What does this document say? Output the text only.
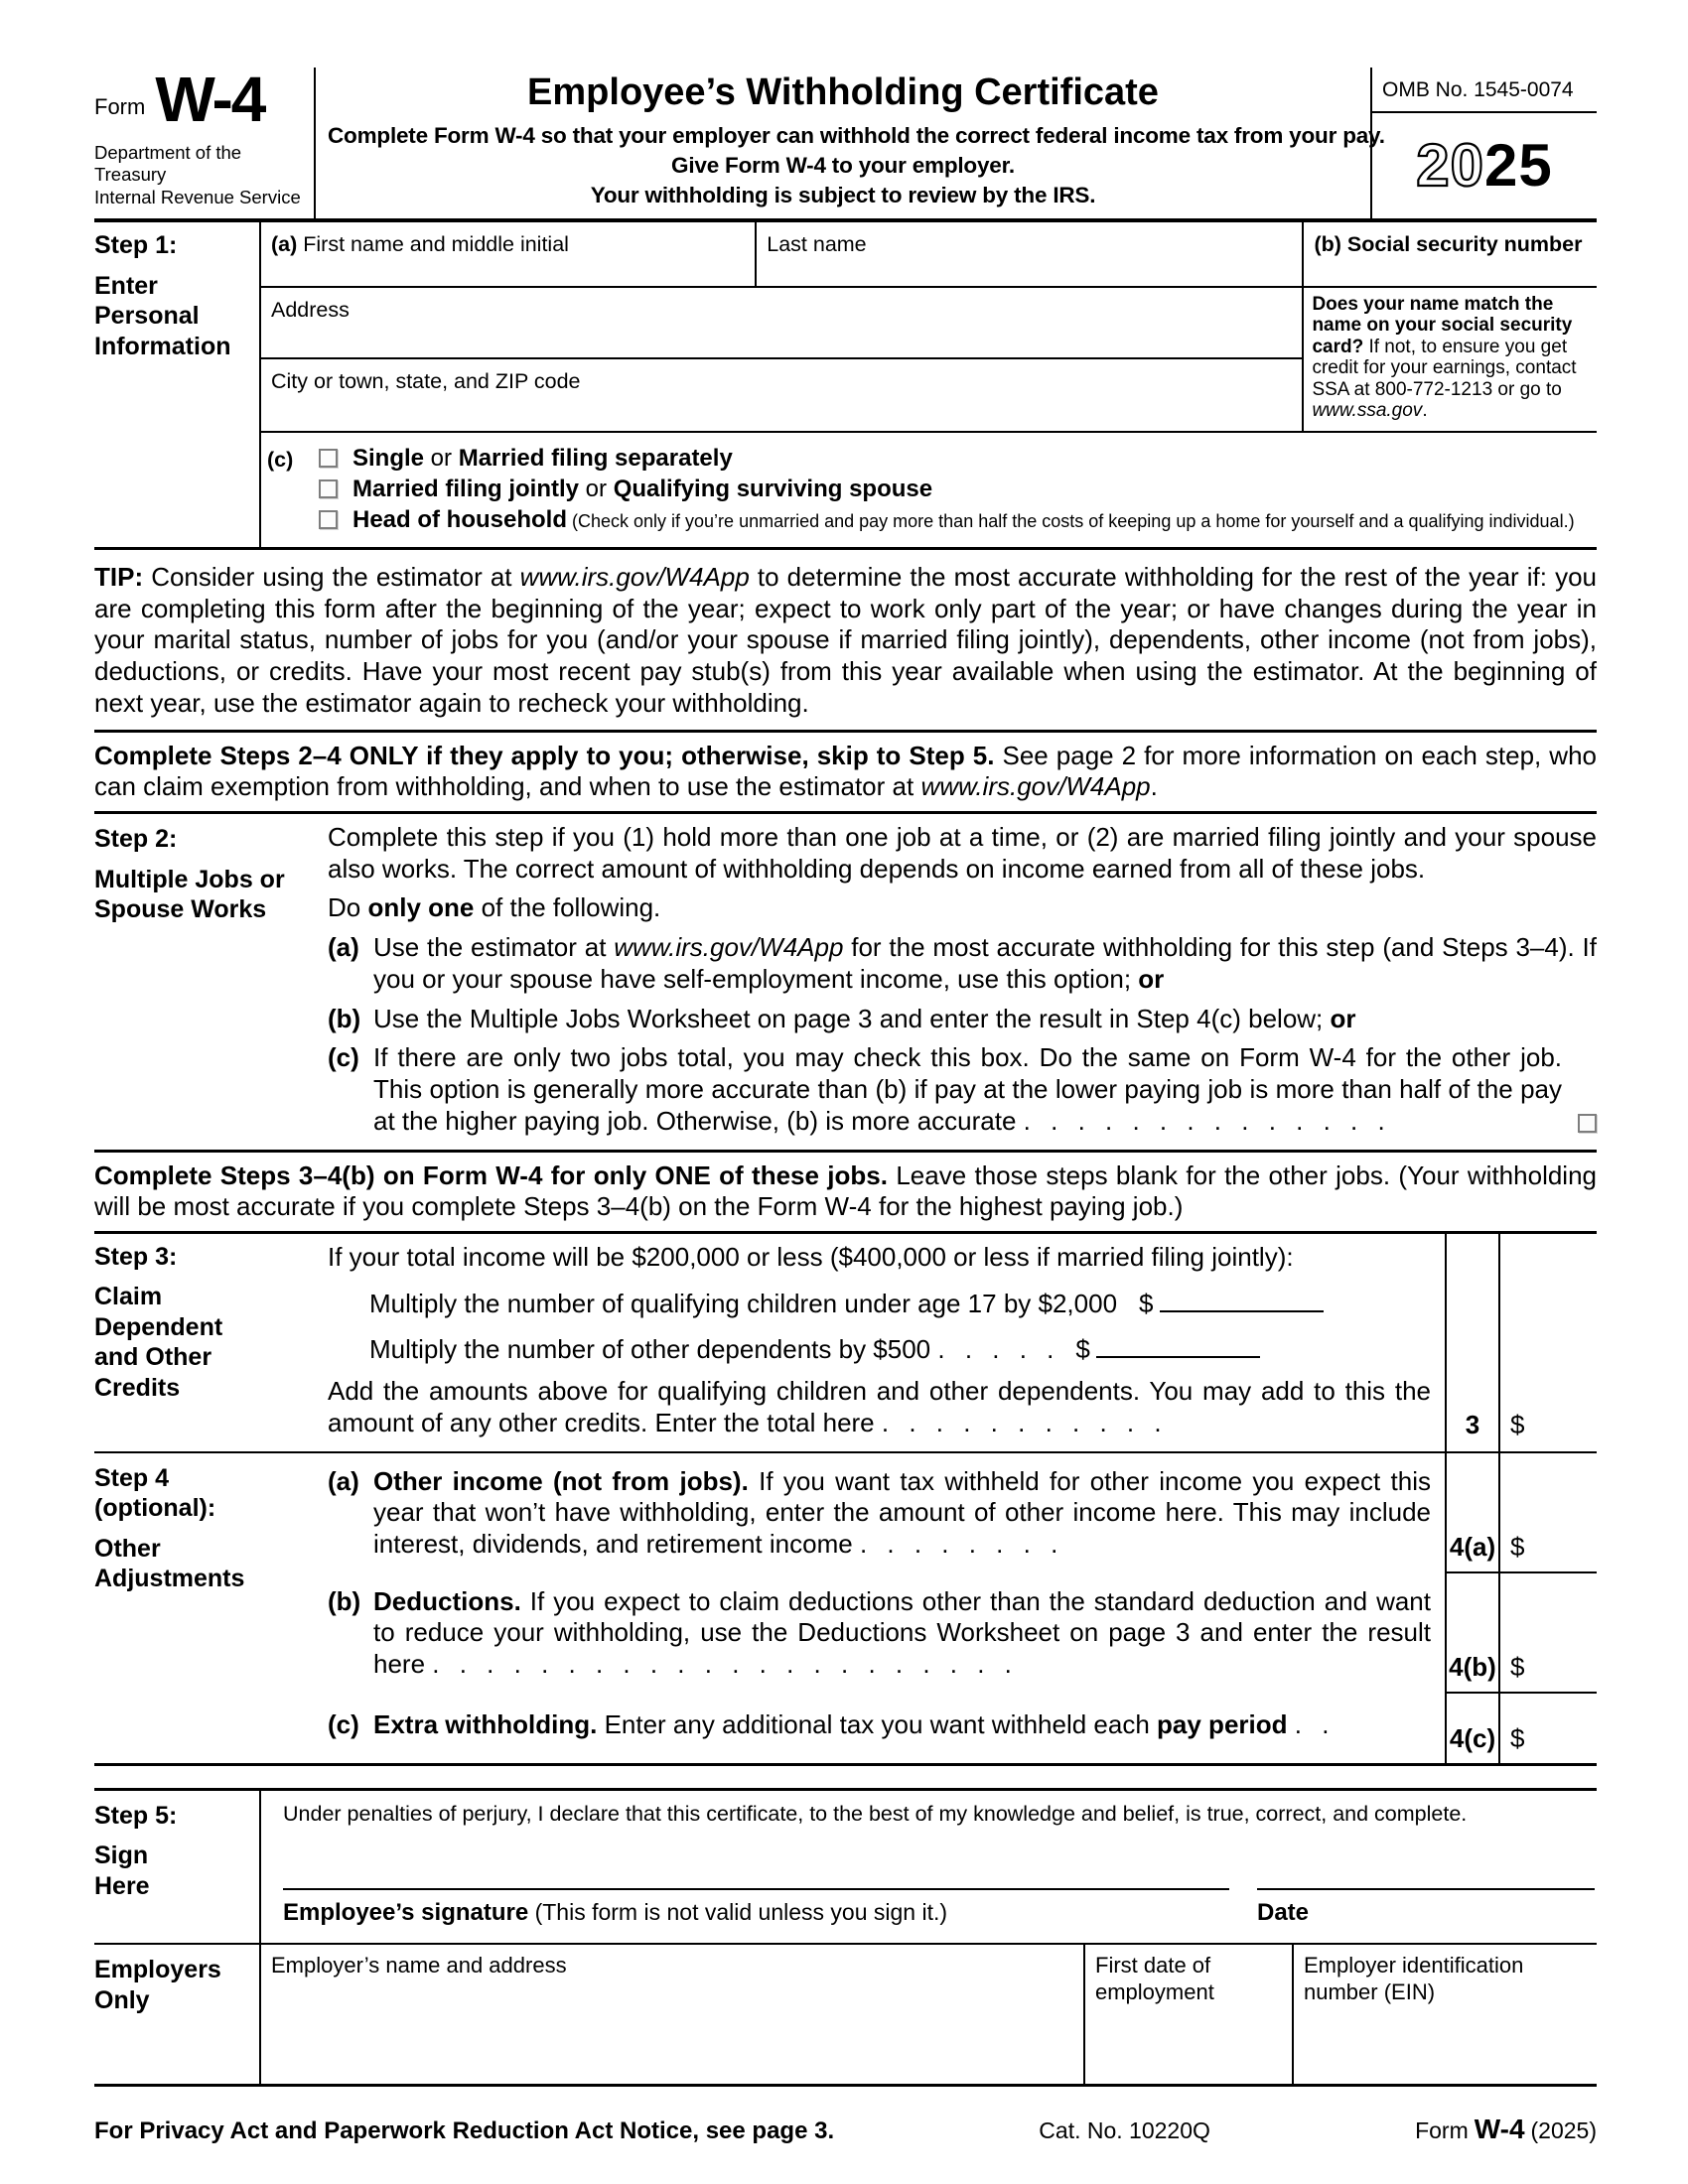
Form W-4
Department of the Treasury
Internal Revenue Service
Employee’s Withholding Certificate

Complete Form W-4 so that your employer can withhold the correct federal income tax from your pay.

Give Form W-4 to your employer.

Your withholding is subject to review by the IRS.

OMB No. 1545-0074
20 25
Step 1:
Enter Personal Information
(a) First name and middle initial	Last name	(b) Social security number
Address	Does your name match the name on your social security card? If not, to ensure you get credit for your earnings, contact SSA at 800-772-1213 or go to www.ssa.gov.
City or town, state, and ZIP code
(c)	Single or Married filing separately
Married filing jointly or Qualifying surviving spouse
Head of household (Check only if you’re unmarried and pay more than half the costs of keeping up a home for yourself and a qualifying individual.)

TIP: Consider using the estimator at www.irs.gov/W4App to determine the most accurate withholding for the rest of the year if: you are completing this form after the beginning of the year; expect to work only part of the year; or have changes during the year in your marital status, number of jobs for you (and/or your spouse if married filing jointly), dependents, other income (not from jobs), deductions, or credits. Have your most recent pay stub(s) from this year available when using the estimator. At the beginning of next year, use the estimator again to recheck your withholding.

Complete Steps 2–4 ONLY if they apply to you; otherwise, skip to Step 5. See page 2 for more information on each step, who can claim exemption from withholding, and when to use the estimator at www.irs.gov/W4App.

Step 2:
Multiple Jobs or Spouse Works

Complete this step if you (1) hold more than one job at a time, or (2) are married filing jointly and your spouse also works. The correct amount of withholding depends on income earned from all of these jobs.

Do only one of the following.

(a) Use the estimator at www.irs.gov/W4App for the most accurate withholding for this step (and Steps 3–4). If you or your spouse have self-employment income, use this option; or
(b) Use the Multiple Jobs Worksheet on page 3 and enter the result in Step 4(c) below; or
(c) If there are only two jobs total, you may check this box. Do the same on Form W-4 for the other job. This option is generally more accurate than (b) if pay at the lower paying job is more than half of the pay at the higher paying job. Otherwise, (b) is more accurate . . . . . . . . . . . . . .

Complete Steps 3–4(b) on Form W-4 for only ONE of these jobs. Leave those steps blank for the other jobs. (Your withholding will be most accurate if you complete Steps 3–4(b) on the Form W-4 for the highest paying job.)

Step 3:
Claim Dependent and Other Credits

If your total income will be $200,000 or less ($400,000 or less if married filing jointly):

Multiply the number of qualifying children under age 17 by $2,000 $
Multiply the number of other dependents by $500 . . . . . $
Add the amounts above for qualifying children and other dependents. You may add to this the amount of any other credits. Enter the total here . . . . . . . . . . .	3	$
Step 4
(optional):
Other Adjustments
(a) Other income (not from jobs). If you want tax withheld for other income you expect this year that won’t have withholding, enter the amount of other income here. This may include interest, dividends, and retirement income . . . . . . . .	4(a) $
(b) Deductions. If you expect to claim deductions other than the standard deduction and want to reduce your withholding, use the Deductions Worksheet on page 3 and enter the result here . . . . . . . . . . . . . . . . . . . . . .	4(b) $
(c) Extra withholding. Enter any additional tax you want withheld each pay period . .	4(c) $
Step 5:
Sign Here

Under penalties of perjury, I declare that this certificate, to the best of my knowledge and belief, is true, correct, and complete.

Employee’s signature (This form is not valid unless you sign it.)	Date
Employers Only
Employer’s name and address	First date of employment
Employer identification number (EIN)
For Privacy Act and Paperwork Reduction Act Notice, see page 3.	Cat. No. 10220Q	Form W-4 (2025)
